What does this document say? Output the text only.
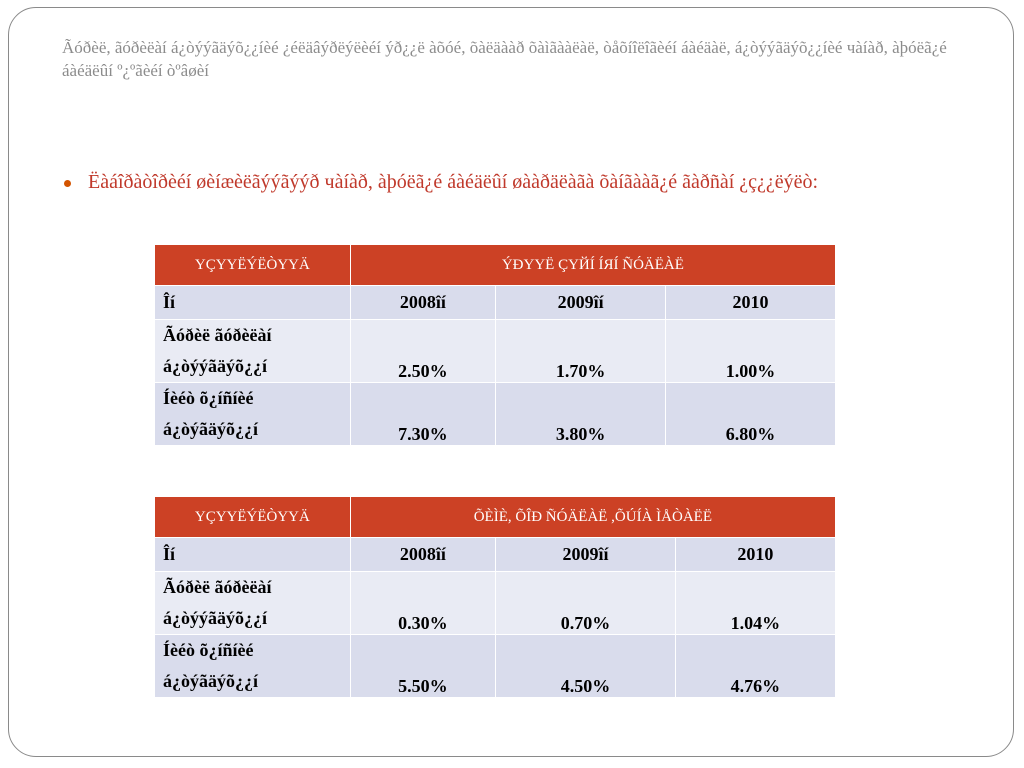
Ãóðèë, ãóðèëàí á¿òýýãäýõ¿¿íèé ¿éëäâýðëýëèéí ýð¿¿ë àõóé, õàëäààð õàìãààëàë, òåõíîëîãèéí áàéäàë, á¿òýýãäýõ¿¿íèé чàíàð, àþóëã¿é áàéäëûí º¿ºãèéí òºâøèí
Ëàáîðàòîðèéí øèíæèëãýýãýýð чàíàð, àþóëã¿é áàéäëûí øààðäëàãà õàíãààã¿é ãàðñàí ¿ç¿¿ëýëò:
ҮÇҮҮËÝËÒҮҮÄ	ÝÐҮҮË ÇҮЙÍ ÍЯÍ ÑÓÄËÀË		
Îí	2008îí	2009îí	2010
Ãóðèë ãóðèëàí á¿òýýãäýõ¿¿í	2.50%	1.70%	1.00%
Íèéò õ¿íñíèé á¿òýãäýõ¿¿í	7.30%	3.80%	6.80%
ҮÇҮҮËÝËÒҮҮÄ	ÕÈÌÈ, ÕÎÐ ÑÓÄËÀË ,ÕÚÍÀ ÌÅÒÀËË		
Îí	2008îí	2009îí	2010
Ãóðèë ãóðèëàí á¿òýýãäýõ¿¿í	0.30%	0.70%	1.04%
Íèéò õ¿íñíèé á¿òýãäýõ¿¿í	5.50%	4.50%	4.76%
